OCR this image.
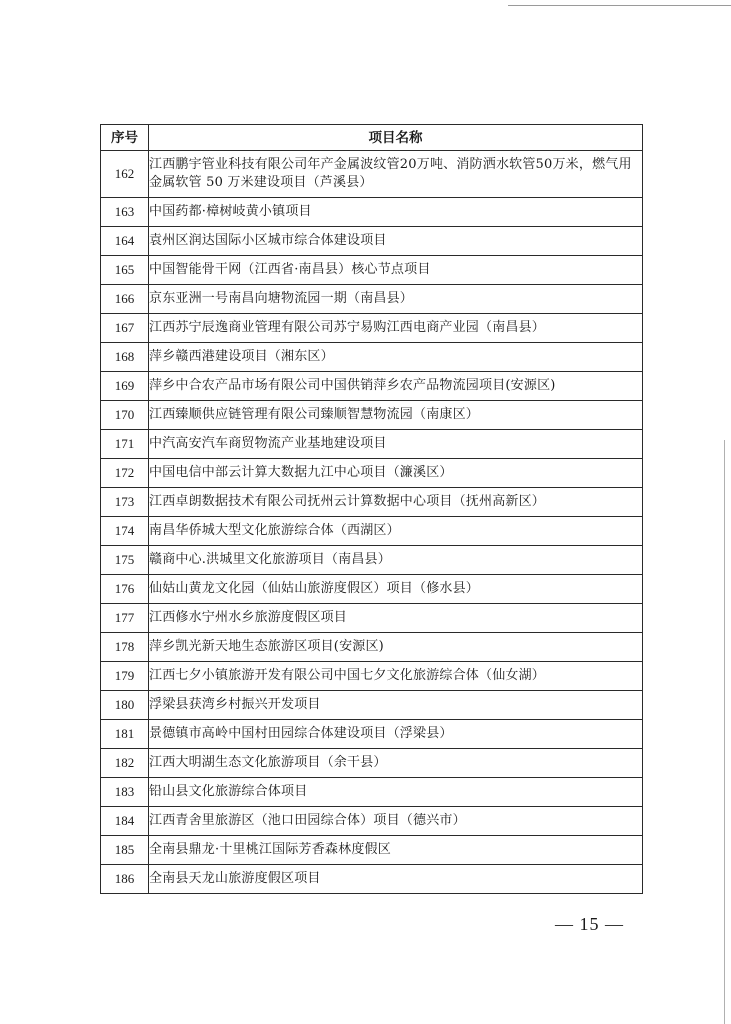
序号	项目名称
162	江西鹏宇管业科技有限公司年产金属波纹管20万吨、消防洒水软管50万米，燃气用金属软管 50 万米建设项目（芦溪县）
163	中国药都·樟树岐黄小镇项目
164	袁州区润达国际小区城市综合体建设项目
165	中国智能骨干网（江西省·南昌县）核心节点项目
166	京东亚洲一号南昌向塘物流园一期（南昌县）
167	江西苏宁辰逸商业管理有限公司苏宁易购江西电商产业园（南昌县）
168	萍乡赣西港建设项目（湘东区）
169	萍乡中合农产品市场有限公司中国供销萍乡农产品物流园项目(安源区)
170	江西臻顺供应链管理有限公司臻顺智慧物流园（南康区）
171	中汽高安汽车商贸物流产业基地建设项目
172	中国电信中部云计算大数据九江中心项目（濂溪区）
173	江西卓朗数据技术有限公司抚州云计算数据中心项目（抚州高新区）
174	南昌华侨城大型文化旅游综合体（西湖区）
175	赣商中心.洪城里文化旅游项目（南昌县）
176	仙姑山黄龙文化园（仙姑山旅游度假区）项目（修水县）
177	江西修水宁州水乡旅游度假区项目
178	萍乡凯光新天地生态旅游区项目(安源区)
179	江西七夕小镇旅游开发有限公司中国七夕文化旅游综合体（仙女湖）
180	浮梁县获湾乡村振兴开发项目
181	景德镇市高岭中国村田园综合体建设项目（浮梁县）
182	江西大明湖生态文化旅游项目（余干县）
183	铅山县文化旅游综合体项目
184	江西青舍里旅游区（池口田园综合体）项目（德兴市）
185	全南县鼎龙·十里桃江国际芳香森林度假区
186	全南县天龙山旅游度假区项目
— 15 —
